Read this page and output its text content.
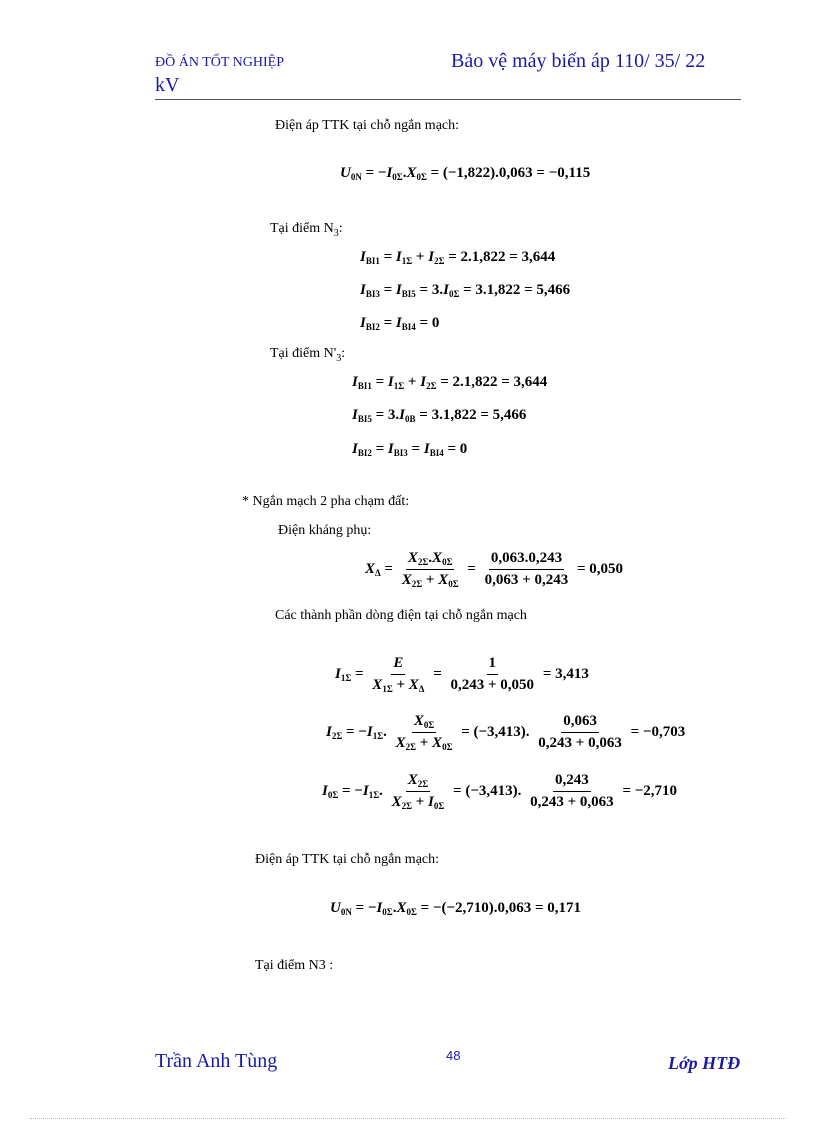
ĐỒ ÁN TỐT NGHIỆP
kV
Bảo vệ máy biến áp 110/ 35/ 22
Điện áp TTK tại chỗ ngắn mạch:
$U_{0N} = -I_{0\Sigma}.X_{0\Sigma} = (-1,822).0,063 = -0,115$
Tại điểm $N_3$:
$I_{BI1} = I_{1\Sigma} + I_{2\Sigma} = 2.1,822 = 3,644$
$I_{BI3} = I_{BI5} = 3.I_{0\Sigma} = 3.1,822 = 5,466$
$I_{BI2} = I_{BI4} = 0$
Tại điểm $N'_3$:
$I_{BI1} = I_{1\Sigma} + I_{2\Sigma} = 2.1,822 = 3,644$
$I_{BI5} = 3.I_{0B} = 3.1,822 = 5,466$
$I_{BI2} = I_{BI3} = I_{BI4} = 0$
* Ngắn mạch 2 pha chạm đất:
Điện kháng phụ:
$X_\Delta = \frac{X_{2\Sigma}.X_{0\Sigma}}{X_{2\Sigma} + X_{0\Sigma}} = \frac{0,063.0,243}{0,063 + 0,243} = 0,050$
Các thành phần dòng điện tại chỗ ngắn mạch
$I_{1\Sigma} = \frac{E}{X_{1\Sigma} + X_\Delta} = \frac{1}{0,243 + 0,050} = 3,413$
$I_{2\Sigma} = -I_{1\Sigma}$. $\frac{X_{0\Sigma}}{X_{2\Sigma} + X_{0\Sigma}} = (-3,413)$. $\frac{0,063}{0,243 + 0,063} = -0,703$
$I_{0\Sigma} = -I_{1\Sigma}$. $\frac{X_{2\Sigma}}{X_{2\Sigma} + I_{0\Sigma}} = (-3,413)$. $\frac{0,243}{0,243 + 0,063} = -2,710$
Điện áp TTK tại chỗ ngắn mạch:
$U_{0N} = -I_{0\Sigma}.X_{0\Sigma} = -(-2,710).0,063 = 0,171$
Tại điểm N3 :
Trần Anh Tùng	48	Lớp HTĐ
